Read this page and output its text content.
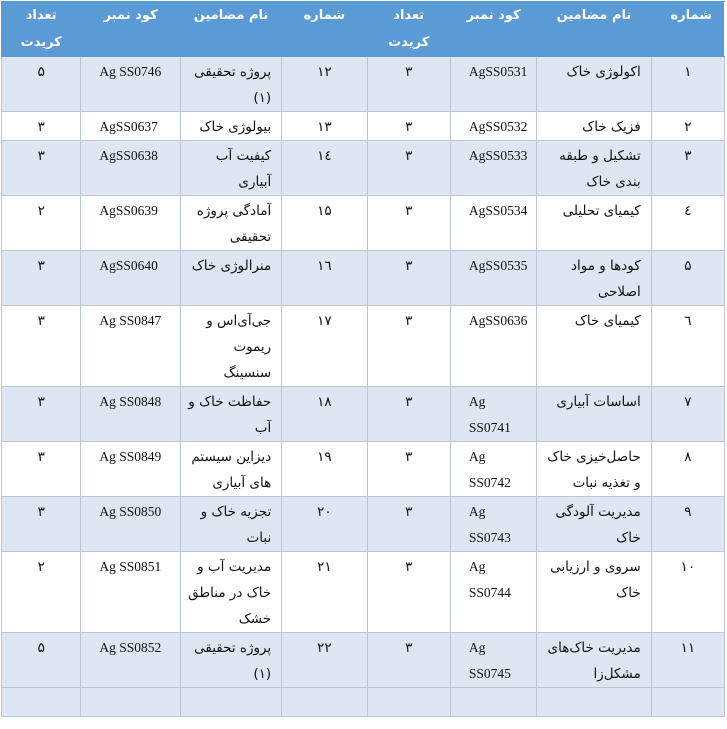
شماره	نام مضامین	کود نمبر	تعداد کریدت	شماره	نام مضامین	کود نمبر	تعداد کریدت
۱	اکولوژی خاک	AgSS0531	۳	۱۲	پروژه تحقیقی (۱)	Ag SS0746	۵
۲	فزیک خاک	AgSS0532	۳	۱۳	بیولوژی خاک	AgSS0637	۳
۳	تشکیل و طبقه بندی خاک	AgSS0533	۳	۱٤	کیفیت آب آبیاری	AgSS0638	۳
٤	کیمیای تحلیلی	AgSS0534	۳	۱۵	آمادگی پروژه تحقیقی	AgSS0639	۲
۵	کودها و مواد اصلاحی	AgSS0535	۳	۱٦	منرالوژی خاک	AgSS0640	۳
٦	کیمیای خاک	AgSS0636	۳	۱۷	جی‌آی‌اس و ریموت سنسینگ	Ag SS0847	۳
۷	اساسات آبیاری	Ag SS0741	۳	۱۸	حفاظت خاک و آب	Ag SS0848	۳
۸	حاصل‌خیزی خاک و تغذیه نبات	Ag SS0742	۳	۱۹	دیزاین سیستم های آبیاری	Ag SS0849	۳
۹	مدیریت آلودگی خاک	Ag SS0743	۳	۲۰	تجزیه خاک و نبات	Ag SS0850	۳
۱۰	سروی و ارزیابی خاک	Ag SS0744	۳	۲۱	مدیریت آب و خاک در مناطق خشک	Ag SS0851	۲
۱۱	مدیریت خاک‌های مشکل‌زا	Ag SS0745	۳	۲۲	پروژه تحقیقی (۱)	Ag SS0852	۵
